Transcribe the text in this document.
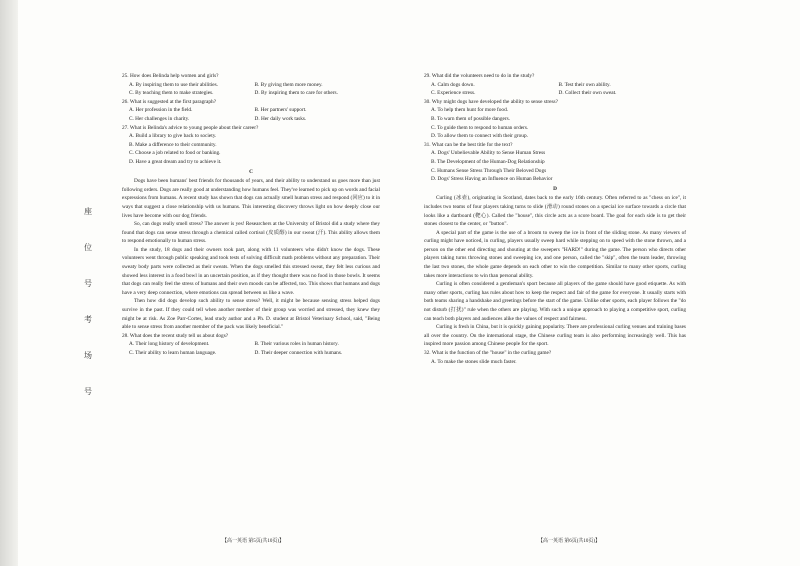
座
位
号
考
场
号

25. How does Belinda help women and girls?

A. By inspiring them to use their abilities.	B. By giving them more money.
C. By teaching them to make strategies.	D. By inspiring them to care for others.

26. What is suggested at the first paragraph?

A. Her profession in the field.	B. Her partners' support.
C. Her challenges in charity.	D. Her daily work tasks.

27. What is Belinda's advice to young people about their career?

A. Build a library to give back to society.
B. Make a difference to their community.
C. Choose a job related to food or banking.
D. Have a great dream and try to achieve it.
C

Dogs have been humans' best friends for thousands of years, and their ability to understand us goes more than just following orders. Dogs are really good at understanding how humans feel. They've learned to pick up on words and facial expressions from humans. A recent study has shown that dogs can actually smell human stress and respond (回应) to it in ways that suggest a close relationship with us humans. This interesting discovery throws light on how deeply close our lives have become with our dog friends.

So, can dogs really smell stress? The answer is yes! Researchers at the University of Bristol did a study where they found that dogs can sense stress through a chemical called cortisol (皮质醇) in our sweat (汗). This ability allows them to respond emotionally to human stress.

In the study, 18 dogs and their owners took part, along with 11 volunteers who didn't know the dogs. These volunteers went through public speaking and took tests of solving difficult math problems without any preparation. Their sweaty body parts were collected as their sweats. When the dogs smelled this stressed sweat, they felt less curious and showed less interest in a food bowl in an uncertain position, as if they thought there was no food in those bowls. It seems that dogs can really feel the stress of humans and their own moods can be affected, too. This shows that humans and dogs have a very deep connection, where emotions can spread between us like a wave.

Then how did dogs develop such ability to sense stress? Well, it might be because sensing stress helped dogs survive in the past. If they could tell when another member of their group was worried and stressed, they knew they might be at risk. As Zoe Parr-Cortes, lead study author and a Ph. D. student at Bristol Veterinary School, said, "Being able to sense stress from another member of the pack was likely beneficial."

28. What does the recent study tell us about dogs?

A. Their long history of development.	B. Their various roles in human history.
C. Their ability to learn human language.	D. Their deeper connection with humans.
【高一英语 第5页(共10页)】

29. What did the volunteers need to do in the study?

A. Calm dogs down.	B. Test their own ability.
C. Experience stress.	D. Collect their own sweat.

30. Why might dogs have developed the ability to sense stress?

A. To help them hunt for more food.
B. To warn them of possible dangers.
C. To guide them to respond to human orders.
D. To allow them to connect with their group.

31. What can be the best title for the text?

A. Dogs' Unbelievable Ability to Sense Human Stress
B. The Development of the Human-Dog Relationship
C. Humans Sense Stress Through Their Beloved Dogs
D. Dogs' Stress Having an Influence on Human Behavior
D

Curling (冰壶), originating in Scotland, dates back to the early 16th century. Often referred to as "chess on ice", it includes two teams of four players taking turns to slide (滑动) round stones on a special ice surface towards a circle that looks like a dartboard (靶心). Called the "house", this circle acts as a score board. The goal for each side is to get their stones closest to the center, or "button".

A special part of the game is the use of a broom to sweep the ice in front of the sliding stone. As many viewers of curling might have noticed, in curling, players usually sweep hard while stepping on to speed with the stone thrown, and a person on the other end directing and shouting at the sweepers "HARD!" during the game. The person who directs other players taking turns throwing stones and sweeping ice, and one person, called the "skip", often the team leader, throwing the last two stones, the whole game depends on each other to win the competition. Similar to many other sports, curling takes more interactions to win than personal ability.

Curling is often considered a gentleman's sport because all players of the game should have good etiquette. As with many other sports, curling has rules about how to keep the respect and fair of the game for everyone. It usually starts with both teams sharing a handshake and greetings before the start of the game. Unlike other sports, each player follows the "do not disturb (打扰)" rule when the others are playing. With such a unique approach to playing a competitive sport, curling can teach both players and audiences alike the values of respect and fairness.

Curling is fresh in China, but it is quickly gaining popularity. There are professional curling venues and training bases all over the country. On the international stage, the Chinese curling team is also performing increasingly well. This has inspired more passion among Chinese people for the sport.

32. What is the function of the "house" in the curling game?

A. To make the stones slide much faster.
【高一英语 第6页(共10页)】
